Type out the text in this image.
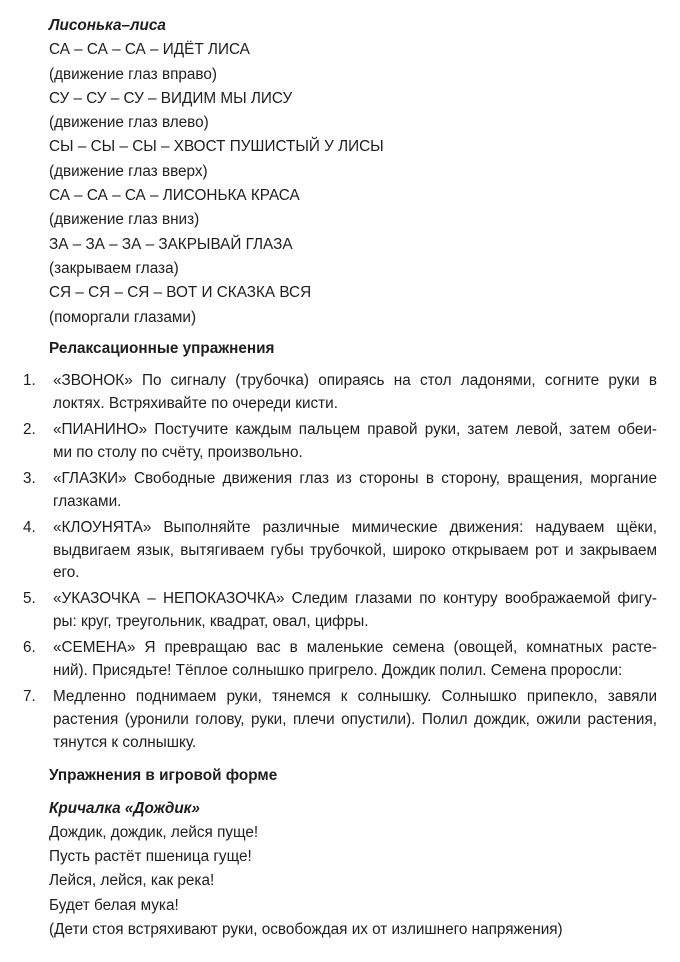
Лисонька–лиса
СА – СА – СА – ИДЁТ ЛИСА
(движение глаз вправо)
СУ – СУ – СУ – ВИДИМ МЫ ЛИСУ
(движение глаз влево)
СЫ – СЫ – СЫ – ХВОСТ ПУШИСТЫЙ У ЛИСЫ
(движение глаз вверх)
СА – СА – СА – ЛИСОНЬКА КРАСА
(движение глаз вниз)
ЗА – ЗА – ЗА – ЗАКРЫВАЙ ГЛАЗА
(закрываем глаза)
СЯ – СЯ – СЯ – ВОТ И СКАЗКА ВСЯ
(поморгали глазами)
Релаксационные упражнения
1.	«ЗВОНОК» По сигналу (трубочка) опираясь на стол ладонями, согните руки в
локтях. Встряхивайте по очереди кисти.
2.	«ПИАНИНО» Постучите каждым пальцем правой руки, затем левой, затем обеи-
ми по столу по счёту, произвольно.
3.	«ГЛАЗКИ» Свободные движения глаз из стороны в сторону, вращения, моргание
глазками.
4.	«КЛОУНЯТА» Выполняйте различные мимические движения: надуваем щёки,
выдвигаем язык, вытягиваем губы трубочкой, широко открываем рот и закрываем
его.
5.	«УКАЗОЧКА – НЕПОКАЗОЧКА» Следим глазами по контуру воображаемой фигу-
ры: круг, треугольник, квадрат, овал, цифры.
6.	«СЕМЕНА» Я превращаю вас в маленькие семена (овощей, комнатных расте-
ний). Присядьте! Тёплое солнышко пригрело. Дождик полил. Семена проросли:
7.	Медленно поднимаем руки, тянемся к солнышку. Солнышко припекло, завяли
растения (уронили голову, руки, плечи опустили). Полил дождик, ожили растения,
тянутся к солнышку.
Упражнения в игровой форме
Кричалка «Дождик»
Дождик, дождик, лейся пуще!
Пусть растёт пшеница гуще!
Лейся, лейся, как река!
Будет белая мука!
(Дети стоя встряхивают руки, освобождая их от излишнего напряжения)
